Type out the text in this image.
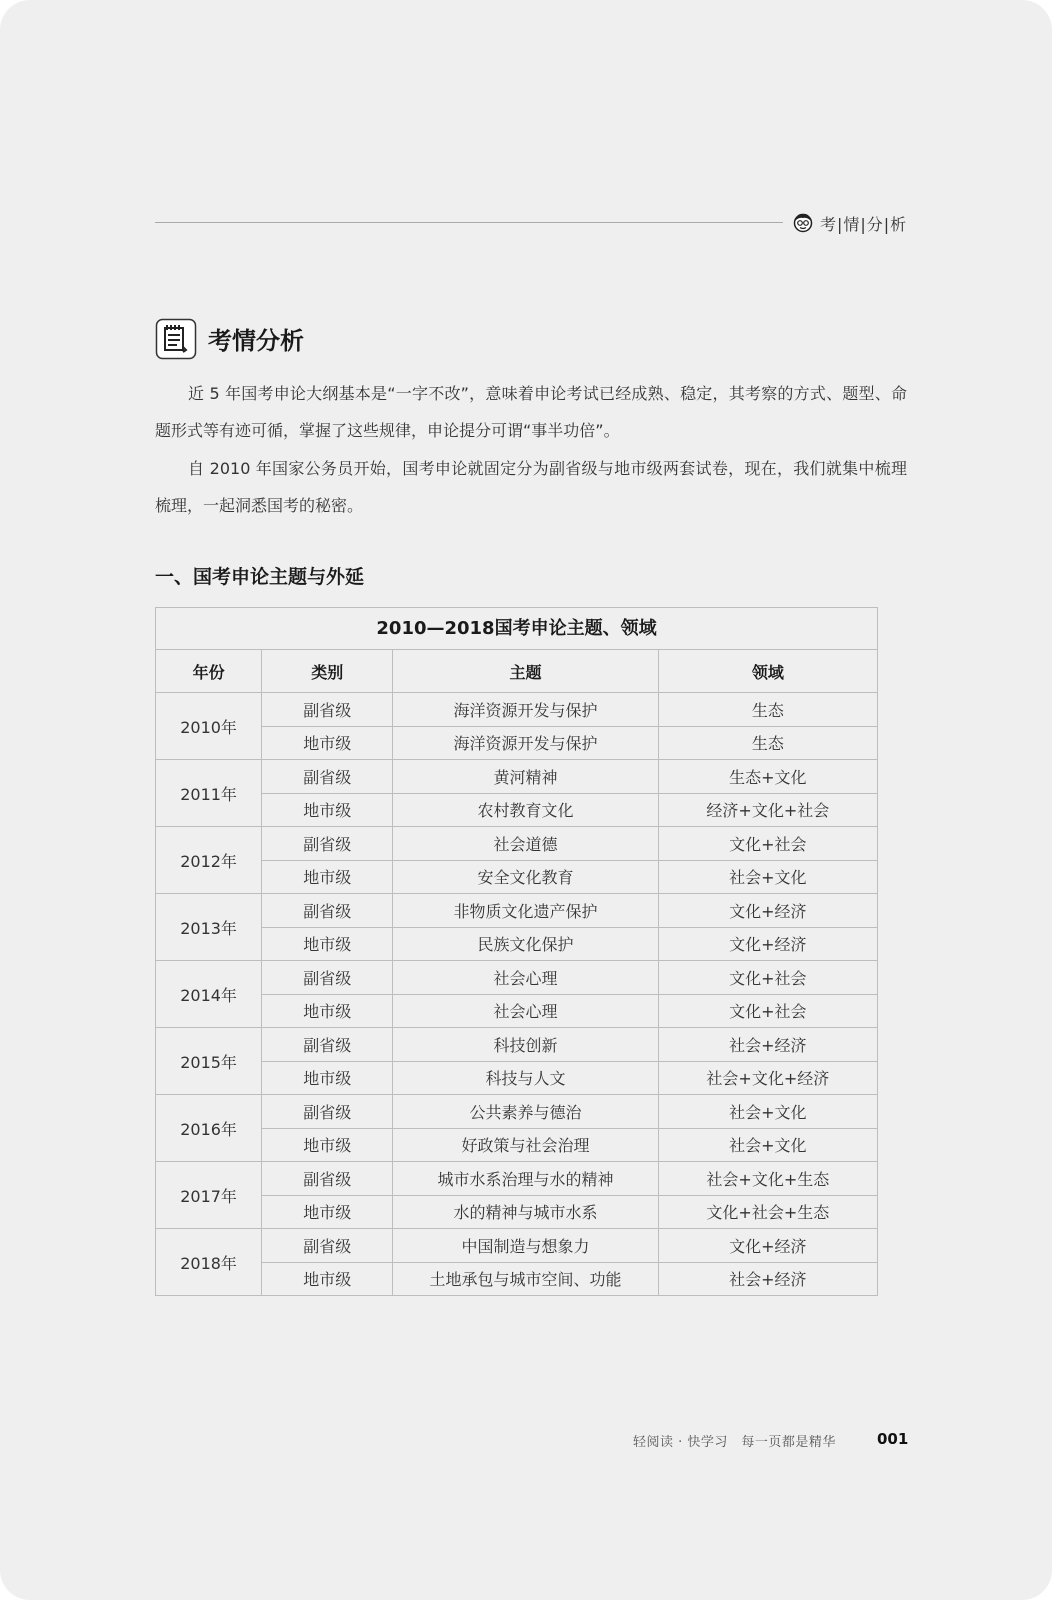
考|情|分|析
考情分析

近 5 年国考申论大纲基本是“一字不改”，意味着申论考试已经成熟、稳定，其考察的方式、题型、命题形式等有迹可循，掌握了这些规律，申论提分可谓“事半功倍”。

自 2010 年国家公务员开始，国考申论就固定分为副省级与地市级两套试卷，现在，我们就集中梳理梳理，一起洞悉国考的秘密。

一、国考申论主题与外延
2010—2018国考申论主题、领域
年份	类别	主题	领域
2010年	副省级	海洋资源开发与保护	生态
	地市级	海洋资源开发与保护	生态
2011年	副省级	黄河精神	生态+文化
	地市级	农村教育文化	经济+文化+社会
2012年	副省级	社会道德	文化+社会
	地市级	安全文化教育	社会+文化
2013年	副省级	非物质文化遗产保护	文化+经济
	地市级	民族文化保护	文化+经济
2014年	副省级	社会心理	文化+社会
	地市级	社会心理	文化+社会
2015年	副省级	科技创新	社会+经济
	地市级	科技与人文	社会+文化+经济
2016年	副省级	公共素养与德治	社会+文化
	地市级	好政策与社会治理	社会+文化
2017年	副省级	城市水系治理与水的精神	社会+文化+生态
	地市级	水的精神与城市水系	文化+社会+生态
2018年	副省级	中国制造与想象力	文化+经济
	地市级	土地承包与城市空间、功能	社会+经济
轻阅读 · 快学习　每一页都是精华	001
